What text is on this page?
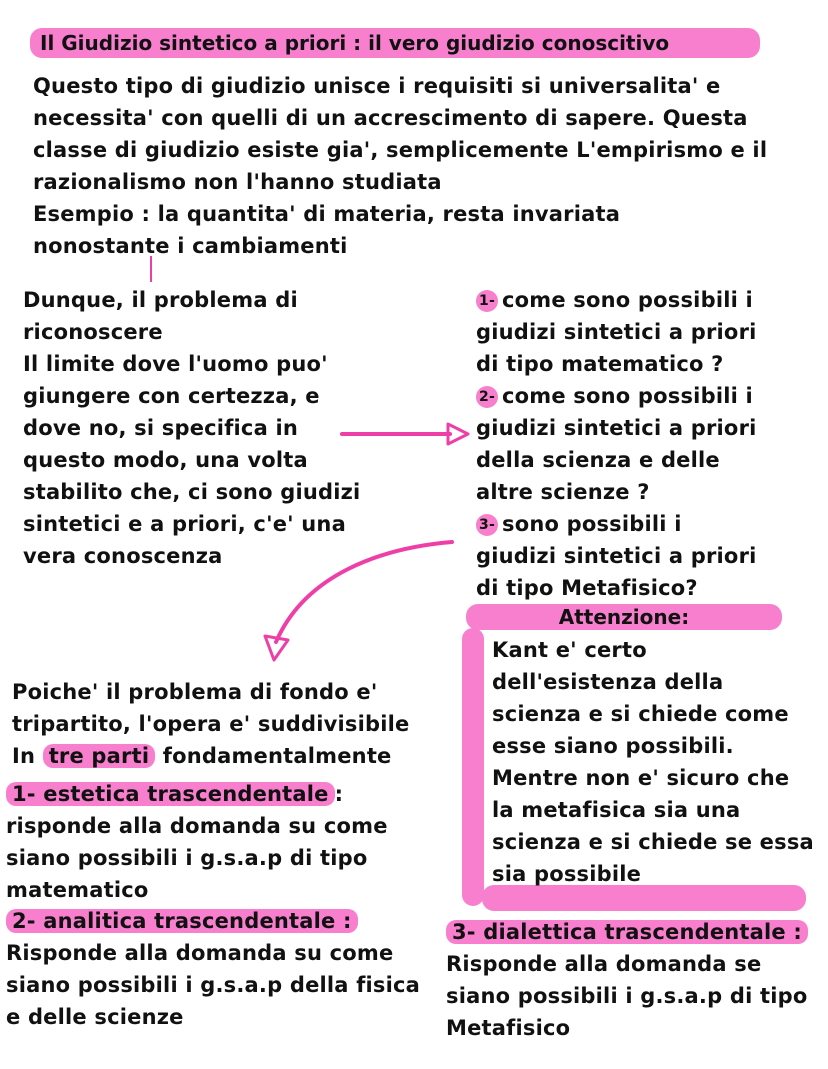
Il Giudizio sintetico a priori : il vero giudizio conoscitivo
Questo tipo di giudizio unisce i requisiti si universalita' e
necessita' con quelli di un accrescimento di sapere. Questa
classe di giudizio esiste gia', semplicemente L'empirismo e il
razionalismo non l'hanno studiata
Esempio : la quantita' di materia, resta invariata
nonostante i cambiamenti
Dunque, il problema di
riconoscere
Il limite dove l'uomo puo'
giungere con certezza, e
dove no, si specifica in
questo modo, una volta
stabilito che, ci sono giudizi
sintetici e a priori, c'e' una
vera conoscenza
1- come sono possibili i
giudizi sintetici a priori
di tipo matematico ?
2- come sono possibili i
giudizi sintetici a priori
della scienza e delle
altre scienze ?
3- sono possibili i
giudizi sintetici a priori
di tipo Metafisico?
Attenzione:
Kant e' certo
dell'esistenza della
scienza e si chiede come
esse siano possibili.
Mentre non e' sicuro che
la metafisica sia una
scienza e si chiede se essa
sia possibile
Poiche' il problema di fondo e'
tripartito, l'opera e' suddivisibile
In tre parti fondamentalmente
1- estetica trascendentale :
risponde alla domanda su come
siano possibili i g.s.a.p di tipo
matematico
2- analitica trascendentale :
Risponde alla domanda su come
siano possibili i g.s.a.p della fisica
e delle scienze
3- dialettica trascendentale :
Risponde alla domanda se
siano possibili i g.s.a.p di tipo
Metafisico
